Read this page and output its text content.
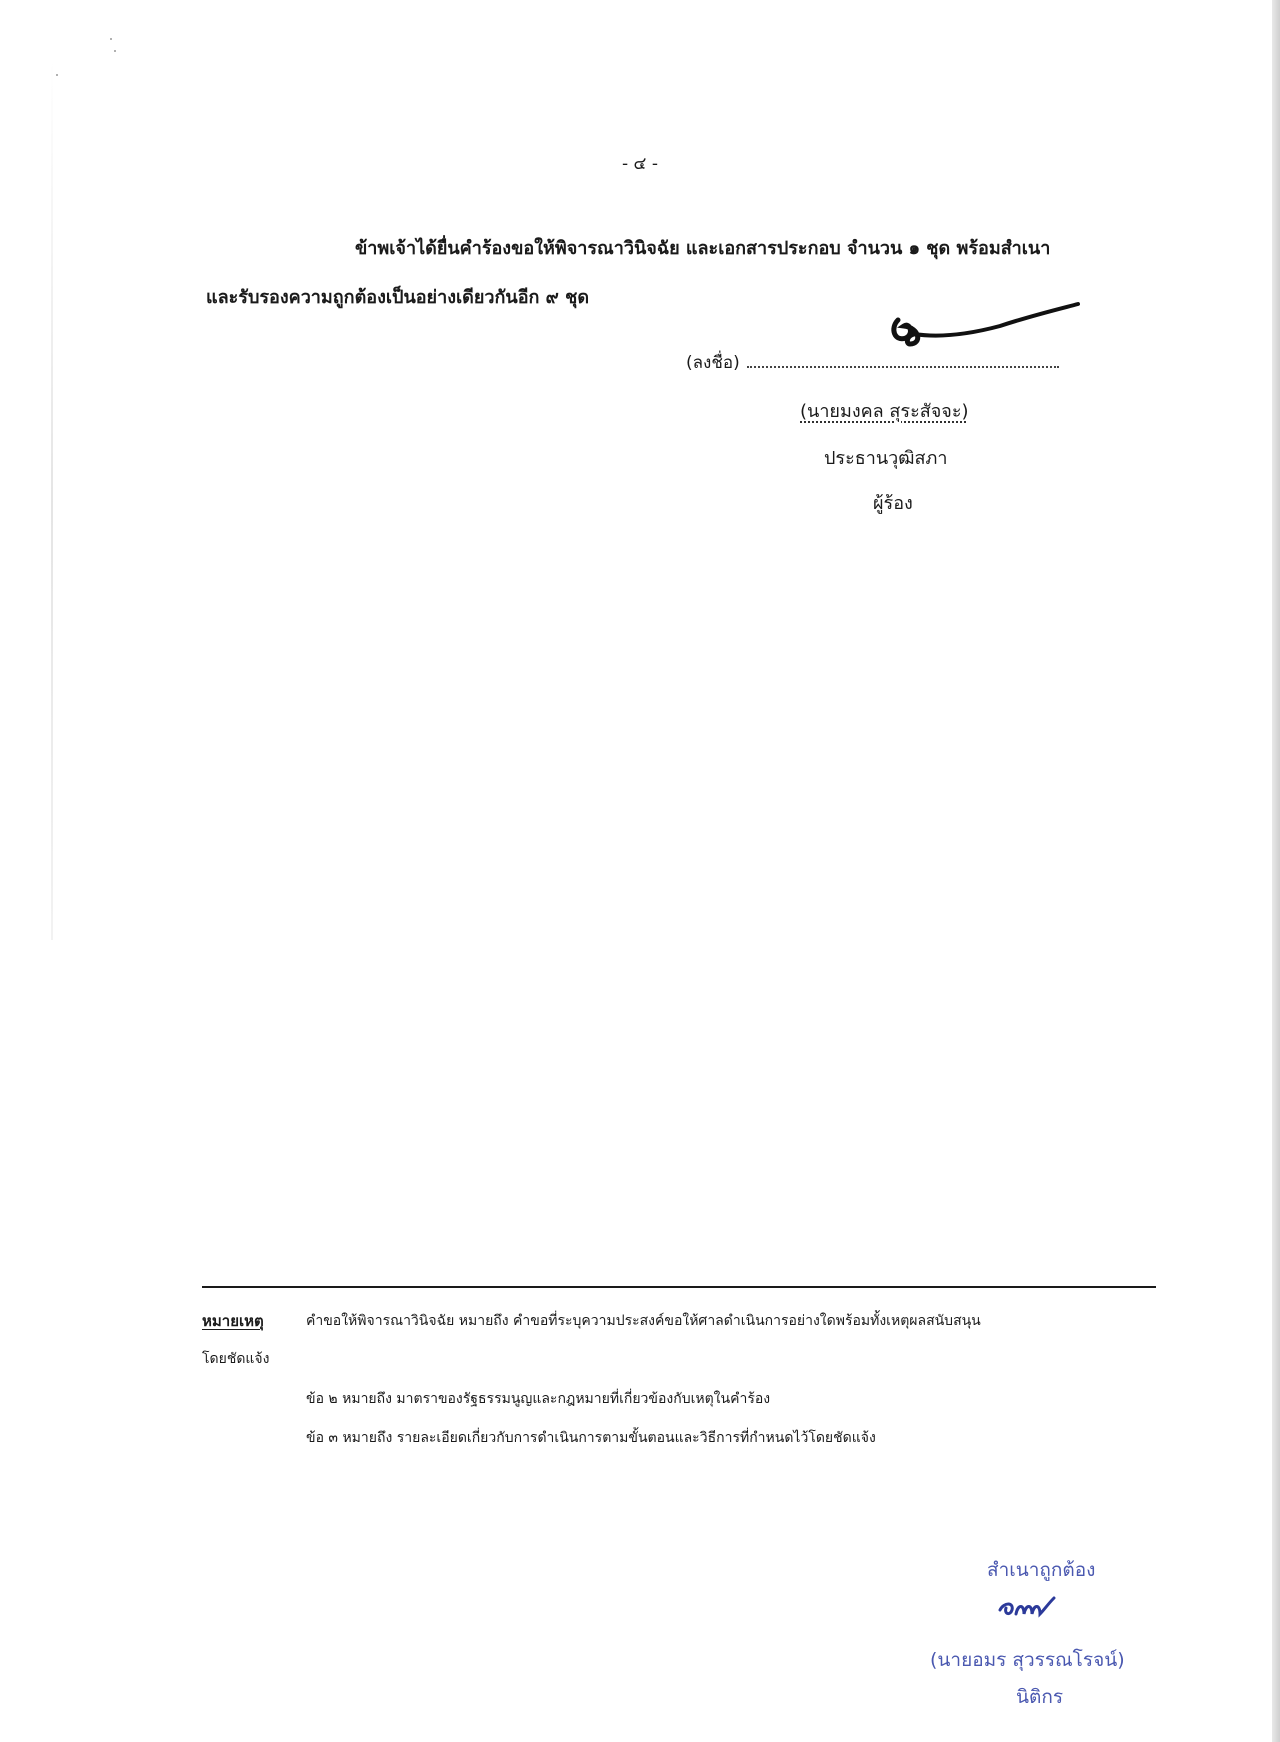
- ๔ -
ข้าพเจ้าได้ยื่นคำร้องขอให้พิจารณาวินิจฉัย และเอกสารประกอบ จำนวน ๑ ชุด พร้อมสำเนา
และรับรองความถูกต้องเป็นอย่างเดียวกันอีก ๙ ชุด
(ลงชื่อ)
(นายมงคล สุระสัจจะ)
ประธานวุฒิสภา
ผู้ร้อง
หมายเหตุ	คำขอให้พิจารณาวินิจฉัย หมายถึง คำขอที่ระบุความประสงค์ขอให้ศาลดำเนินการอย่างใดพร้อมทั้งเหตุผลสนับสนุน
โดยชัดแจ้ง
ข้อ ๒ หมายถึง มาตราของรัฐธรรมนูญและกฎหมายที่เกี่ยวข้องกับเหตุในคำร้อง
ข้อ ๓ หมายถึง รายละเอียดเกี่ยวกับการดำเนินการตามขั้นตอนและวิธีการที่กำหนดไว้โดยชัดแจ้ง
สำเนาถูกต้อง
(นายอมร สุวรรณโรจน์)
นิติกร
